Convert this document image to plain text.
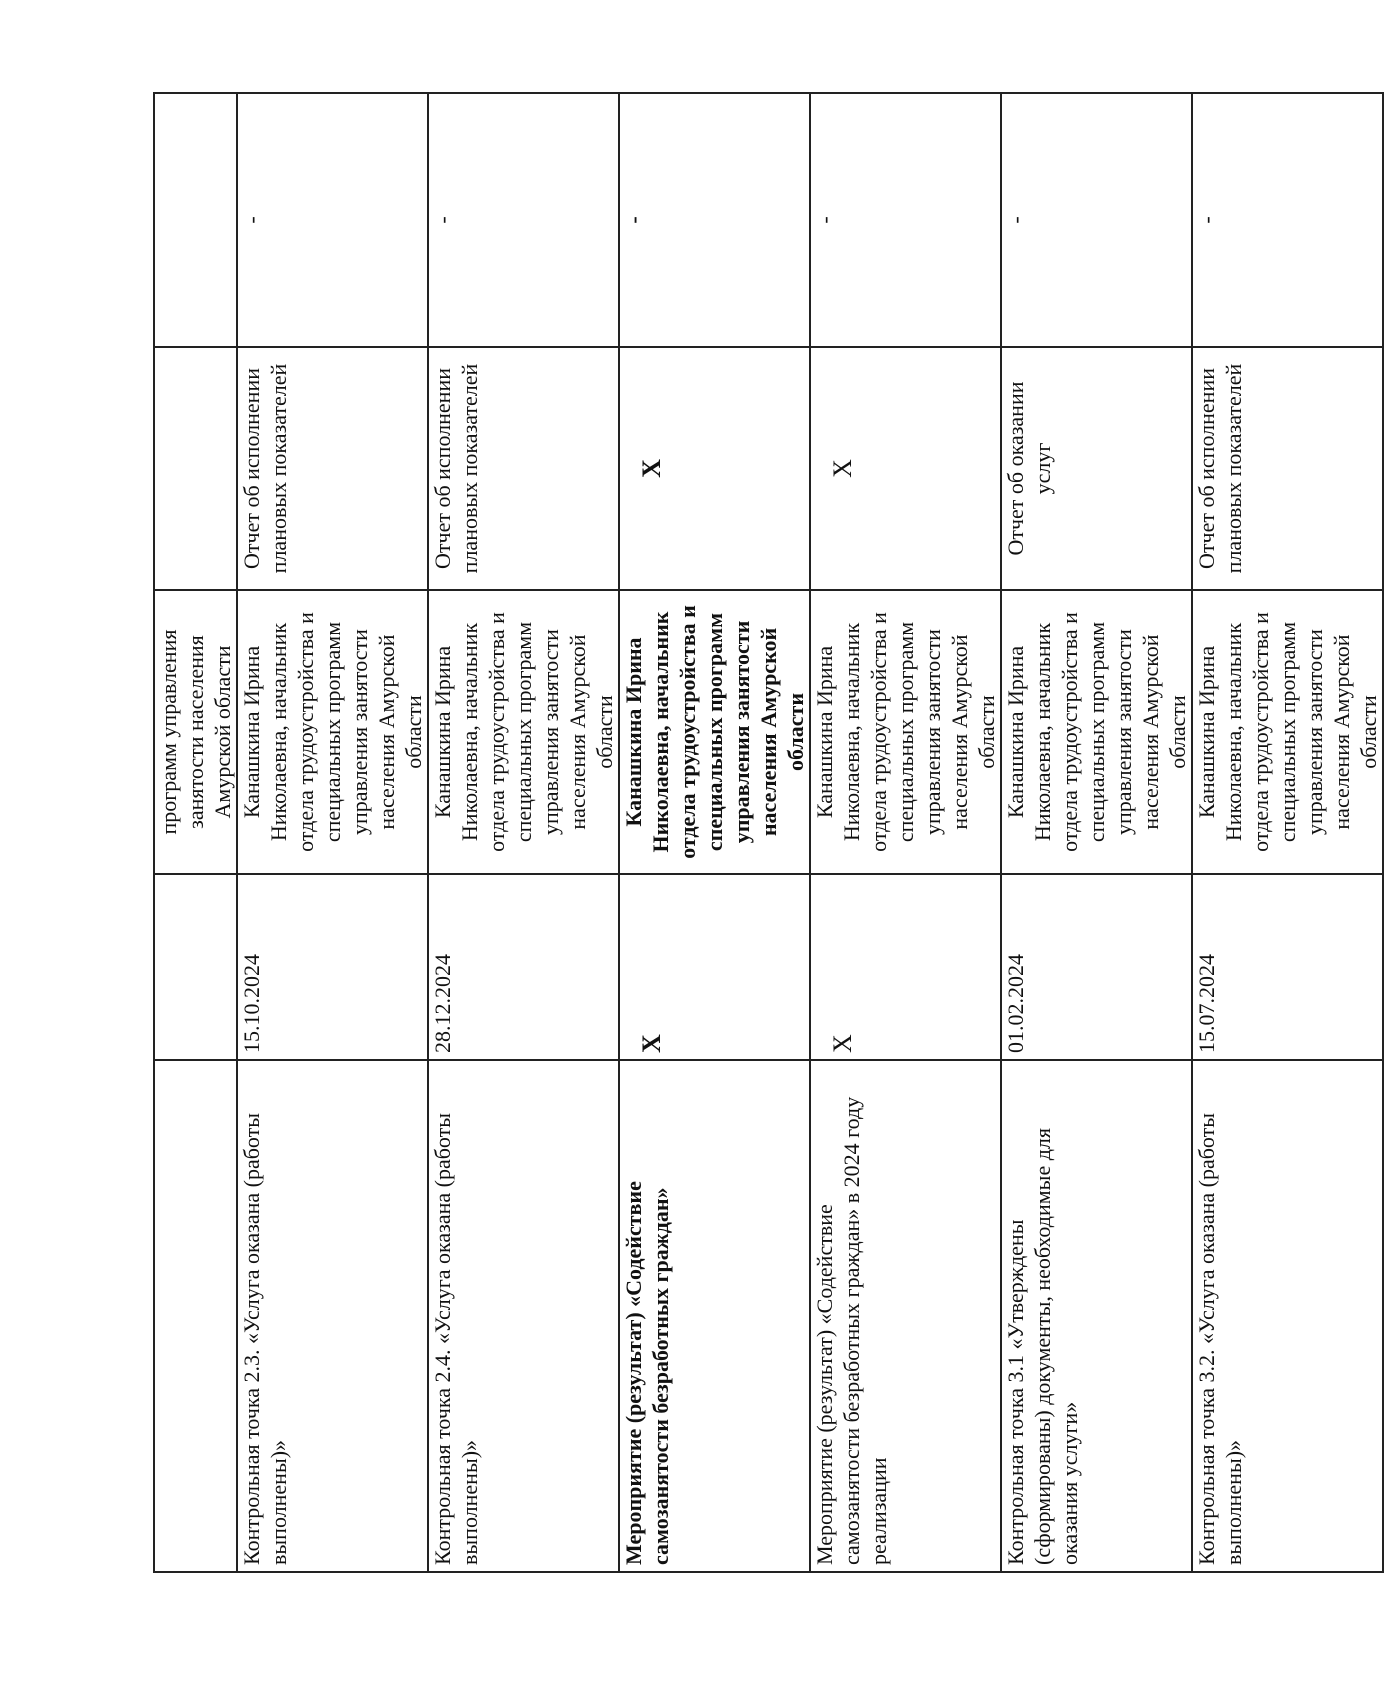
		программ управления занятости населения Амурской области		
Контрольная точка 2.3. «Услуга оказана (работы выполнены)»	15.10.2024	Канашкина Ирина Николаевна, начальник отдела трудоустройства и специальных программ управления занятости населения Амурской области	Отчет об исполнении плановых показателей	-
Контрольная точка 2.4. «Услуга оказана (работы выполнены)»	28.12.2024	Канашкина Ирина Николаевна, начальник отдела трудоустройства и специальных программ управления занятости населения Амурской области	Отчет об исполнении плановых показателей	-
Мероприятие (результат) «Содействие самозанятости безработных граждан»	Х	Канашкина Ирина Николаевна, начальник отдела трудоустройства и специальных программ управления занятости населения Амурской области	Х	-
Мероприятие (результат) «Содействие самозанятости безработных граждан» в 2024 году реализации	Х	Канашкина Ирина Николаевна, начальник отдела трудоустройства и специальных программ управления занятости населения Амурской области	Х	-
Контрольная точка 3.1 «Утверждены (сформированы) документы, необходимые для оказания услуги»	01.02.2024	Канашкина Ирина Николаевна, начальник отдела трудоустройства и специальных программ управления занятости населения Амурской области	Отчет об оказании услуг	-
Контрольная точка 3.2. «Услуга оказана (работы выполнены)»	15.07.2024	Канашкина Ирина Николаевна, начальник отдела трудоустройства и специальных программ управления занятости населения Амурской области	Отчет об исполнении плановых показателей	-
